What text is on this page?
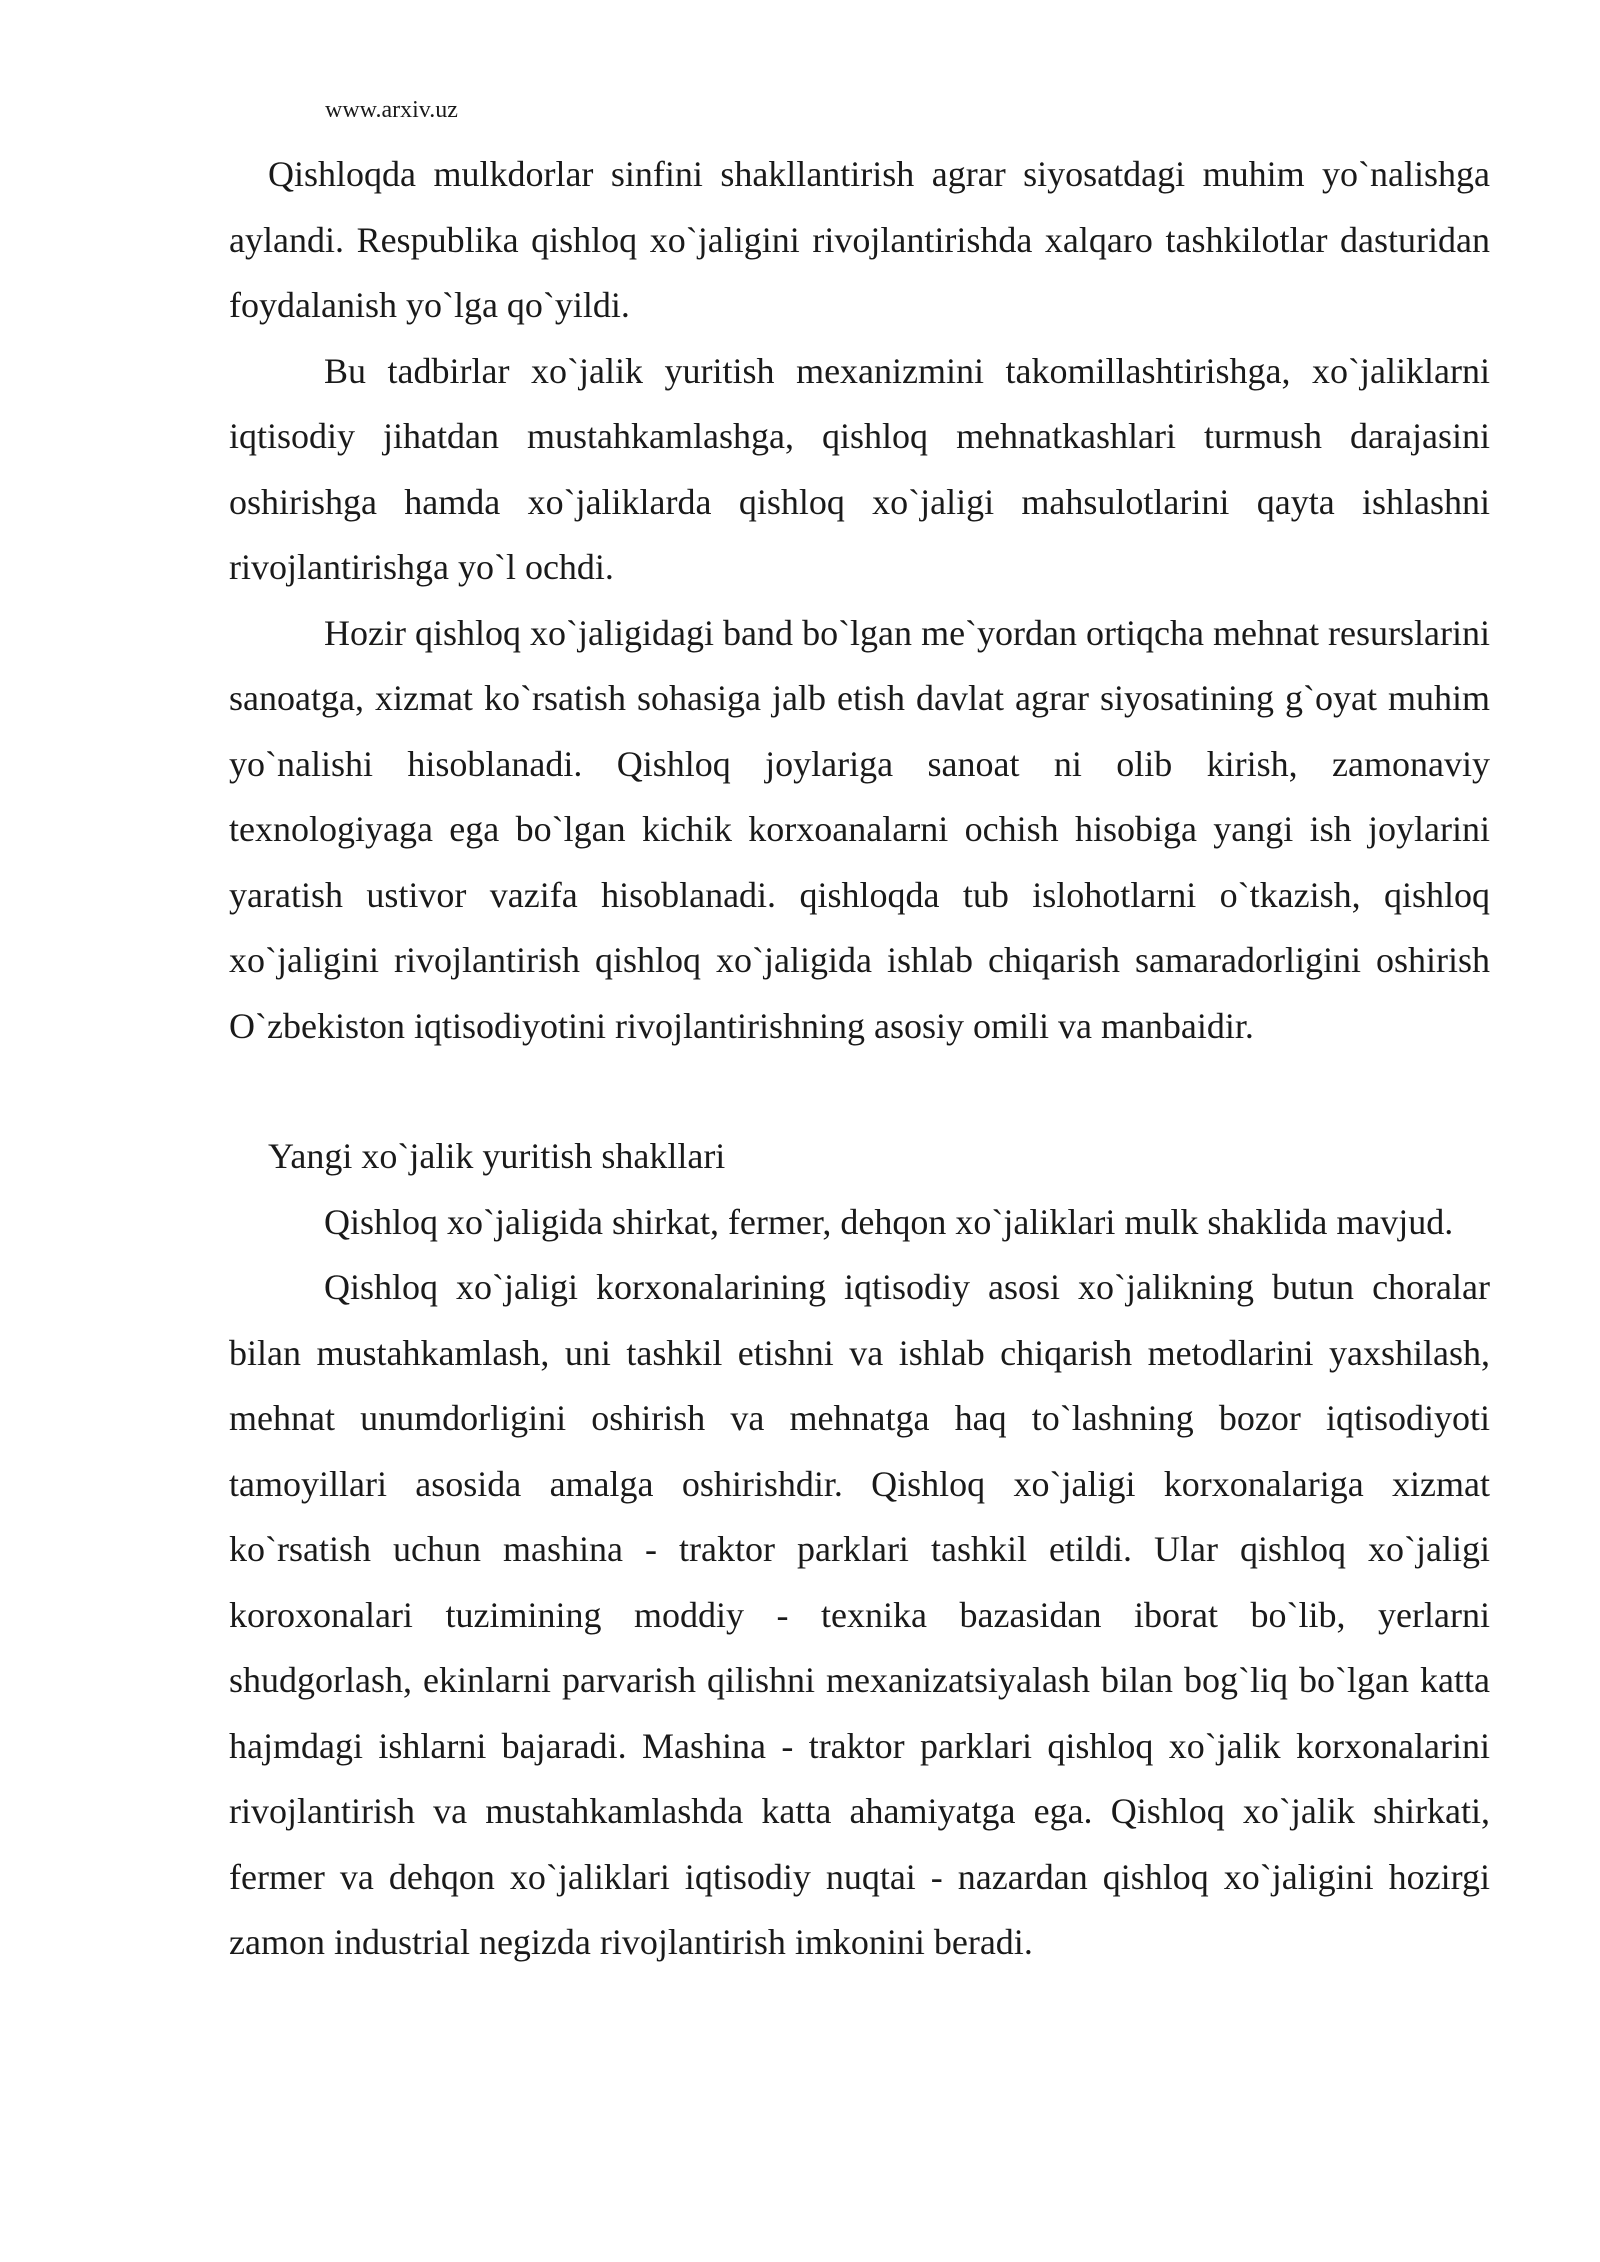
www.arxiv.uz

Qishloqda mulkdorlar sinfini shakllantirish agrar siyosatdagi muhim yo`nalishga aylandi. Respublika qishloq xo`jaligini rivojlantirishda xalqaro tashkilotlar dasturidan foydalanish yo`lga qo`yildi.

Bu tadbirlar xo`jalik yuritish mexanizmini takomillashtirishga, xo`jaliklarni iqtisodiy jihatdan mustahkamlashga, qishloq mehnatkashlari turmush darajasini oshirishga hamda xo`jaliklarda qishloq xo`jaligi mahsulotlarini qayta ishlashni rivojlantirishga yo`l ochdi.

Hozir qishloq xo`jaligidagi band bo`lgan me`yordan ortiqcha mehnat resurslarini sanoatga, xizmat ko`rsatish sohasiga jalb etish davlat agrar siyosatining g`oyat muhim yo`nalishi hisoblanadi. Qishloq joylariga sanoat ni olib kirish, zamonaviy texnologiyaga ega bo`lgan kichik korxoanalarni ochish hisobiga yangi ish joylarini yaratish ustivor vazifa hisoblanadi. qishloqda tub islohotlarni o`tkazish, qishloq xo`jaligini rivojlantirish qishloq xo`jaligida ishlab chiqarish samaradorligini oshirish O`zbekiston iqtisodiyotini rivojlantirishning asosiy omili va manbaidir.

Yangi xo`jalik yuritish shakllari

Qishloq xo`jaligida shirkat, fermer, dehqon xo`jaliklari mulk shaklida mavjud.

Qishloq xo`jaligi korxonalarining iqtisodiy asosi xo`jalikning butun choralar bilan mustahkamlash, uni tashkil etishni va ishlab chiqarish metodlarini yaxshilash, mehnat unumdorligini oshirish va mehnatga haq to`lashning bozor iqtisodiyoti tamoyillari asosida amalga oshirishdir. Qishloq xo`jaligi korxonalariga xizmat ko`rsatish uchun mashina - traktor parklari tashkil etildi. Ular qishloq xo`jaligi koroxonalari tuzimining moddiy - texnika bazasidan iborat bo`lib, yerlarni shudgorlash, ekinlarni parvarish qilishni mexanizatsiyalash bilan bog`liq bo`lgan katta hajmdagi ishlarni bajaradi. Mashina - traktor parklari qishloq xo`jalik korxonalarini rivojlantirish va mustahkamlashda katta ahamiyatga ega. Qishloq xo`jalik shirkati, fermer va dehqon xo`jaliklari iqtisodiy nuqtai - nazardan qishloq xo`jaligini hozirgi zamon industrial negizda rivojlantirish imkonini beradi.
